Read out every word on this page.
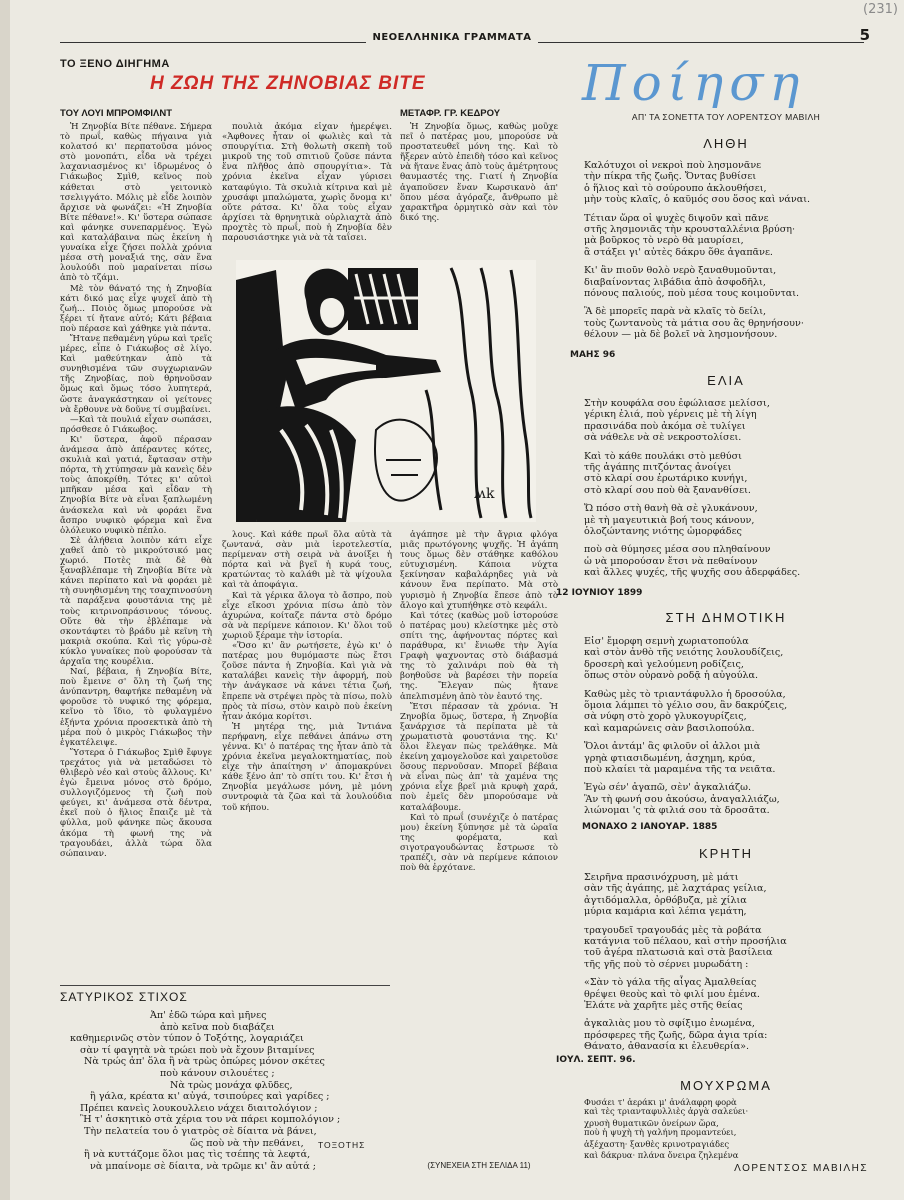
ΝΕΟΕΛΛΗΝΙΚΑ ΓΡΑΜΜΑΤΑ	5
(231)
ΤΟ ΞΕΝΟ ΔΙΗΓΗΜΑ
Η ΖΩΗ ΤΗΣ ΖΗΝΟΒΙΑΣ ΒΙΤΕ
ΤΟΥ ΛΟΥΙ ΜΠΡΟΜΦΙΛΝΤ	ΜΕΤΑΦΡ. ΓΡ. ΚΕΔΡΟΥ

Ἡ Ζηνοβία Βίτε πέθανε. Σήμερα τὸ πρωΐ, καθὼς πήγαινα γιὰ κολατσό κι' περπατοῦσα μόνος στὸ μονοπάτι, εἶδα νὰ τρέχει λαχανιασμένος κι' ἱδρωμένος ὁ Γιάκωβος Σμὶθ, κεῖνος ποὺ κάθεται στὸ γειτονικὸ τσελιγγάτο. Μόλις μὲ εἶδε λοιπὸν ἄρχισε νὰ φωνάζει: «Ἡ Ζηνοβία Βίτε πέθανε!». Κι' ὕστερα σώπασε καὶ φάνηκε συνεπαρμένος. Ἐγὼ καὶ καταλάβαινα πὼς ἐκείνη ἡ γυναίκα εἶχε ζήσει πολλὰ χρόνια μέσα στὴ μοναξιά της, σὰν ἕνα λουλούδι ποὺ μαραίνεται πίσω ἀπὸ τὸ τζάμι.

Μὲ τὸν θάνατό της ἡ Ζηνοβία κάτι δικό μας εἶχε ψυχεῖ ἀπὸ τὴ ζωή... Ποιὸς ὅμως μπορούσε νὰ ξέρει τί ἤτανε αὐτό; Κάτι βέβαια ποὺ πέρασε καὶ χάθηκε γιὰ πάντα.

Ἤτανε πεθαμένη γύρω καὶ τρεῖς μέρες, εἶπε ὁ Γιάκωβος σὲ λίγο. Καὶ μαθεύτηκαν ἀπὸ τὰ συνηθισμένα τῶν συγχωριανῶν τῆς Ζηνοβίας, ποὺ θρηνοῦσαν ὅμως καὶ ὅμως τόσο λυπητερά, ὥστε ἀναγκάστηκαν οἱ γείτονες νὰ ἔρθουνε νὰ δοῦνε τί συμβαίνει.

—Καὶ τὰ πουλιά εἶχαν σωπάσει, πρόσθεσε ὁ Γιάκωβος.

Κι' ὕστερα, ἀφοῦ πέρασαν ἀνάμεσα ἀπὸ ἀπέραντες κότες, σκυλιὰ καὶ γατιά, ἔφτασαν στὴν πόρτα, τὴ χτύπησαν μὰ κανεὶς δὲν τοὺς ἀποκρίθη. Τότες κι' αὐτοὶ μπῆκαν μέσα καὶ εἶδαν τὴ Ζηνοβία Βίτε νὰ εἶναι ξαπλωμένη ἀνάσκελα καὶ νὰ φοράει ἕνα ἄσπρο νυφικὸ φόρεμα καὶ ἕνα ὁλόλευκο νυφικὸ πέπλο.

Σὲ ἀλήθεια λοιπὸν κάτι εἶχε χαθεῖ ἀπὸ τὸ μικρούτσικό μας χωριό. Ποτὲς πιὰ δὲ θὰ ξαναβλέπαμε τὴ Ζηνοβία Βίτε νὰ κάνει περίπατο καὶ νὰ φοράει μὲ τὴ συνηθισμένη της τσαχπινοσύνη τὰ παράξενα φουστάνια της μὲ τοὺς κιτρινοπράσινους τόνους. Οὔτε θὰ τὴν ἐβλέπαμε νὰ σκοντάφτει τὸ βράδυ μὲ κεῖνη τὴ μακριὰ σκούπα. Καὶ τὶς γύρω-σὲ κύκλο γυναίκες ποὺ φορούσαν τὰ ἀρχαῖα της κουρέλια.

Ναί, βέβαια, ἡ Ζηνοβία Βίτε, ποὺ ἔμεινε σ' ὅλη τὴ ζωή της ἀνύπαντρη, θαφτήκε πεθαμένη νὰ φοροῦσε τὸ νυφικό της φόρεμα, κεῖνο τὸ ἴδιο, τὸ φυλαγμένο ἑξήντα χρόνια προσεκτικὰ ἀπὸ τὴ μέρα ποὺ ὁ μικρὸς Γιάκωβος τὴν ἐγκατέλειψε.

Ὕστερα ὁ Γιάκωβος Σμὶθ ἔφυγε τρεχάτος γιὰ νὰ μεταδώσει τὸ θλιβερὸ νέο καὶ στοὺς ἄλλους. Κι' ἐγὼ ἔμεινα μόνος στὸ δρόμο, συλλογιζόμενος τὴ ζωὴ ποὺ φεύγει, κι' ἀνάμεσα στὰ δέντρα, ἐκεῖ ποὺ ὁ ἥλιος ἔπαιζε μὲ τὰ φύλλα, μοῦ φάνηκε πὼς ἄκουσα ἀκόμα τὴ φωνή της νὰ τραγουδάει, ἀλλὰ τώρα ὅλα σώπαιναν.

πουλιὰ ἀκόμα εἶχαν ἡμερέψει. «Ἀφθονες ἦταν οἱ φωλιὲς καὶ τὰ σπουργίτια. Στὴ θολωτὴ σκεπὴ τοῦ μικροῦ της τοῦ σπιτιοῦ ζοῦσε πάντα ἕνα πλῆθος ἀπὸ σπουργίτια». Τὰ χρόνια ἐκεῖνα εἶχαν γύρισει καταφύγιο. Τὰ σκυλιὰ κίτρινα καὶ μὲ χρυσάφι μπαλώματα, χωρὶς ὄνομα κι' οὔτε ράτσα. Κι' ὅλα τοὺς εἶχαν ἀρχίσει τὰ θρηνητικὰ οὐρλιαχτὰ ἀπὸ προχτὲς τὸ πρωΐ, ποὺ ἡ Ζηνοβία δὲν παρουσιάστηκε γιὰ νὰ τὰ ταΐσει.

Ἡ Ζηνοβία ὅμως, καθὼς μοῦχε πεῖ ὁ πατέρας μου, μπορούσε νὰ προστατευθεῖ μόνη της. Καὶ τὸ ἤξερεν αὐτὸ ἐπειδὴ τόσο καὶ κεῖνος νὰ ἤτανε ἕνας ἀπὸ τοὺς ἀμέτρητους θαυμαστές της. Γιατί ἡ Ζηνοβία ἀγαποῦσεν ἕναν Κωρσικανὸ ἀπ' ὅπου μέσα ἀγόραζε, ἄνθρωπο μὲ χαρακτῆρα ὁρμητικὸ σὰν καὶ τὸν δικό της.

ʍk

λους. Καὶ κάθε πρωΐ ὅλα αὐτὰ τὰ ζωντανά, σὰν μιὰ ἱεροτελεστία, περίμεναν στὴ σειρὰ νὰ ἀνοίξει ἡ πόρτα καὶ νὰ βγεῖ ἡ κυρά τους, κρατώντας τὸ καλάθι μὲ τὰ ψίχουλα καὶ τὰ ἀποφάγια.

Καὶ τὰ γέρικα ἄλογα τὸ ἄσπρο, ποὺ εἶχε εἴκοσι χρόνια πίσω ἀπὸ τὸν ἀχυρώνα, κοίταζε πάντα στὸ δρόμο σὰ νὰ περίμενε κάποιον. Κι' ὅλοι τοῦ χωριοῦ ξέραμε τὴν ἱστορία.

«Ὅσο κι' ἂν ρωτήσετε, ἐγὼ κι' ὁ πατέρας μου θυμόμαστε πὼς ἔτσι ζοῦσε πάντα ἡ Ζηνοβία. Καὶ γιὰ νὰ καταλάβει κανεὶς τὴν ἀφορμή, ποὺ τὴν ἀνάγκασε νὰ κάνει τέτια ζωή, ἔπρεπε νὰ στρέψει πρὸς τὰ πίσω, πολὺ πρὸς τὰ πίσω, στὸν καιρὸ ποὺ ἐκείνη ἦταν ἀκόμα κορίτσι.

Ἡ μητέρα της, μιὰ Ἰντιάνα περήφανη, εἶχε πεθάνει ἀπάνω στη γέννα. Κι' ὁ πατέρας της ἦταν ἀπὸ τὰ χρόνια ἐκεῖνα μεγαλοκτηματίας, ποὺ εἶχε τὴν ἀπαίτηση ν' ἀπομακρύνει κάθε ξένο ἀπ' τὸ σπίτι του. Κι' ἔτσι ἡ Ζηνοβία μεγάλωσε μόνη, μὲ μόνη συντροφιὰ τὰ ζῶα καὶ τὰ λουλούδια τοῦ κήπου.

ἀγάπησε μὲ τὴν ἄγρια φλόγα μιᾶς πρωτόγονης ψυχῆς. Ἡ ἀγάπη τους ὅμως δὲν στάθηκε καθόλου εὐτυχισμένη. Κάποια νύχτα ξεκίνησαν καβαλάρηδες γιὰ νὰ κάνουν ἕνα περίπατο. Μὰ στὸ γυρισμὸ ἡ Ζηνοβία ἔπεσε ἀπὸ τὸ ἄλογο καὶ χτυπήθηκε στὸ κεφάλι.

Καὶ τότες (καθὼς μοῦ ἱστορούσε ὁ πατέρας μου) κλείστηκε μὲς στὸ σπίτι της, ἀφήνοντας πόρτες καὶ παράθυρα, κι' ἔνιωθε τὴν Ἁγία Γραφὴ ψαχνοντας στὸ διάβασμά της τὸ χαλινάρι ποὺ θὰ τὴ βοηθοῦσε νὰ βαρέσει τὴν πορεία της. Ἔλεγαν πὼς ἤτανε ἀπελπισμένη ἀπὸ τὸν ἑαυτό της.

Ἔτσι πέρασαν τὰ χρόνια. Ἡ Ζηνοβία ὅμως, ὕστερα, ἡ Ζηνοβία ξανάρχισε τὰ περίπατα μὲ τὰ χρωματιστὰ φουστάνια της. Κι' ὅλοι ἔλεγαν πὼς τρελάθηκε. Μὰ ἐκείνη χαμογελοῦσε καὶ χαιρετοῦσε ὅσους περνοῦσαν. Μπορεῖ βέβαια νὰ εἶναι πὼς ἀπ' τὰ χαμένα της χρόνια εἶχε βρεῖ μιὰ κρυφὴ χαρά, ποὺ ἐμεῖς δὲν μπορούσαμε νὰ καταλάβουμε.

Καὶ τὸ πρωΐ (συνέχιζε ὁ πατέρας μου) ἐκείνη ξύπνησε μὲ τὰ ὡραῖα της φορέματα, καὶ σιγοτραγουδώντας ἔστρωσε τὸ τραπέζι, σὰν νὰ περίμενε κάποιον ποὺ θὰ ἐρχότανε.

(ΣΥΝΕΧΕΙΑ ΣΤΗ ΣΕΛΙΔΑ 11)
ΣΑΤΥΡΙΚΟΣ ΣΤΙΧΟΣ
Ἀπ' ἐδῶ τώρα καὶ μῆνες
ἀπὸ κεῖνα ποὺ διαβάζει
καθημερινῶς στὸν τύπον ὁ Τοξότης, λογαριάζει
σὰν τί φαγητὰ νὰ τρώει ποὺ νὰ ἔχουν βιταμίνες
Νὰ τρώς ἀπ' ὅλα ἢ νὰ τρὼς ὀπώρες μόνον σκέτες
ποὺ κάνουν σιλουέτες ;
Νὰ τρὼς μονάχα φλῦδες,
ἢ γάλα, κρέατα κι' αὐγά, τσιπούρες καὶ γαρίδες ;
Πρέπει κανεὶς λουκουλλειο νάχει διαιτολόγιον ;
Ἢ τ' ἀσκητικὸ στὰ χέρια του νὰ πάρει κομπολόγιον ;
Τὴν πελατεία του ὁ γιατρὸς σὲ δίαιτα νὰ βάνει,
ὥς ποὺ νὰ τὴν πεθάνει,
ἢ νὰ κυττάζομε ὅλοι μας τὶς τσέπης τὰ λεφτά,
νὰ μπαίνομε σὲ δίαιτα, νὰ τρῶμε κι' ἂν αὐτά ;
ΤΟΞΟΤΗΣ
Ποίηση
ΑΠ' ΤΑ ΣΟΝΕΤΤΑ ΤΟΥ ΛΟΡΕΝΤΣΟΥ ΜΑΒΙΛΗ
ΛΗΘΗ
Καλότυχοι οἱ νεκροὶ ποὺ λησμονᾶνε
τὴν πίκρα τῆς ζωῆς. Ὄντας βυθίσει
ὁ ἥλιος καὶ τὸ σούρουπο ἀκλουθήσει,
μὴν τοὺς κλαῖς, ὁ καϋμός σου ὅσος καὶ νάναι.
Τέτιαν ὥρα οἱ ψυχὲς διψοῦν καὶ πᾶνε
στῆς λησμονιᾶς τὴν κρουσταλλένια βρύση·
μὰ βοῦρκος τὸ νερὸ θὰ μαυρίσει,
ἂ στάξει γι' αὐτὲς δάκρυ ὅθε ἀγαπᾶνε.
Κι' ἂν πιοῦν θολὸ νερὸ ξαναθυμοῦνται,
διαβαίνοντας λιβάδια ἀπὸ ἀσφοδῆλι,
πόνους παλιούς, ποὺ μέσα τους κοιμοῦνται.
Ἂ δὲ μπορεῖς παρὰ νὰ κλαῖς τὸ δείλι,
τοὺς ζωντανοὺς τὰ μάτια σου ἂς θρηνήσουν·
θέλουν — μὰ δὲ βολεῖ νὰ λησμονήσουν.
ΜΑΗΣ 96
ΕΛΙΑ
Στὴν κουφάλα σου ἐφώλιασε μελίσσι,
γέρικη ἐλιά, ποὺ γέρνεις μὲ τὴ λίγη
πρασινάδα ποὺ ἀκόμα σὲ τυλίγει
σὰ νάθελε νὰ σὲ νεκροστολίσει.
Καὶ τὸ κάθε πουλάκι στὸ μεθύσι
τῆς ἀγάπης πιτζόντας ἀνοίγει
στὸ κλαρί σου ἐρωτάρικο κυνήγι,
στὸ κλαρί σου ποὺ θὰ ξανανθίσει.
Ὤ πόσο στὴ θανὴ θὰ σὲ γλυκάνουν,
μὲ τὴ μαγευτικιὰ βοή τους κάνουν,
ὁλοζώντανης νιότης ὡμορφάδες
ποὺ σὰ θύμησες μέσα σου πληθαίνουν
ὡ νὰ μπορούσαν ἔτσι νὰ πεθαίνουν
καὶ ἄλλες ψυχές, τῆς ψυχῆς σου ἀδερφάδες.
12 ΙΟΥΝΙΟΥ 1899
ΣΤΗ ΔΗΜΟΤΙΚΗ
Εἰσ' ἔμορφη σεμνὴ χωριατοπούλα
καὶ στὸν ἀνθὸ τῆς νειότης λουλουδίζεις,
δροσερὴ καὶ γελούμενη ροδίζεις,
ὅπως στὸν οὐρανὸ ροδᾷ ἡ αὐγούλα.
Καθὼς μὲς τὸ τριαντάφυλλο ἡ δροσούλα,
ὅμοια λάμπει τὸ γέλιο σου, ἂν δακρύζεις,
σὰ νύφη στὸ χορὸ γλυκογυρίζεις,
καὶ καμαρώνεις σὰν βασιλοπούλα.
Ὅλοι ἀντάμ' ἂς φιλοῦν οἱ ἀλλοι μιὰ
γρηὰ φτιασιδωμένη, ἀσχημη, κρύα,
ποὺ κλαίει τὰ μαραμένα τῆς τα νειᾶτα.
Ἐγὼ σέν' ἀγαπῶ, σὲν' ἀγκαλιάζω.
Ἂν τὴ φωνή σου ἀκούσω, ἀναγαλλιάζω,
λιώνομαι 'ς τὰ φιλιά σου τὰ δροσᾶτα.
ΜΟΝΑΧΟ 2 ΙΑΝΟΥΑΡ. 1885
ΚΡΗΤΗ
Σειρῆνα πρασινόχρυση, μὲ μάτι
σὰν τῆς ἀγάπης, μὲ λαχτάρας γείλια,
ἀγτιδόμαλλα, ὀρθόβυζα, μὲ χίλια
μύρια καμάρια καὶ λέπια γεμάτη,
τραγουδεῖ τραγουδάς μὲς τὰ ροβάτα
κατάγνια τοῦ πέλαου, καὶ στὴν προσήλια
τοῦ ἀγέρα πλατωσιὰ καὶ στὰ βασίλεια
τῆς γῆς ποὺ τὸ σέρνει μυρωδάτη :
«Σὰν τὸ γάλα τῆς αἶγας Ἀμαλθείας
θρέψει θεοὺς καὶ τὸ φιλί μου ἐμένα.
Ἐλάτε νὰ χαρῆτε μὲς στῆς θείας
ἀγκαλιὰς μου τὸ σφίξιμο ἐνωμένα,
πρόσφερες τῆς ζωῆς, δῶρα ἀγια τρία:
Θάνατο, ἀθανασία κι ἐλευθερία».
ΙΟΥΛ. ΣΕΠΤ. 96.
ΜΟΥΧΡΩΜΑ
Φυσάει τ' ἀεράκι μ' ἀνάλαφρη φορὰ
καὶ τὲς τριανταφυλλιὲς ἀργὰ σαλεύει·
χρυσὴ θυματικῶν ὀνείρων ὥρα,
ποὺ ἡ ψυχὴ τὴ γαλήνη προμαντεύει,
ἀξέχαστη· ξανθὲς κρινοτραγιάδες
καὶ δάκρυα· πλάνα ὄνειρα ζηλεμένα
ΛΟΡΕΝΤΣΟΣ ΜΑΒΙΛΗΣ
